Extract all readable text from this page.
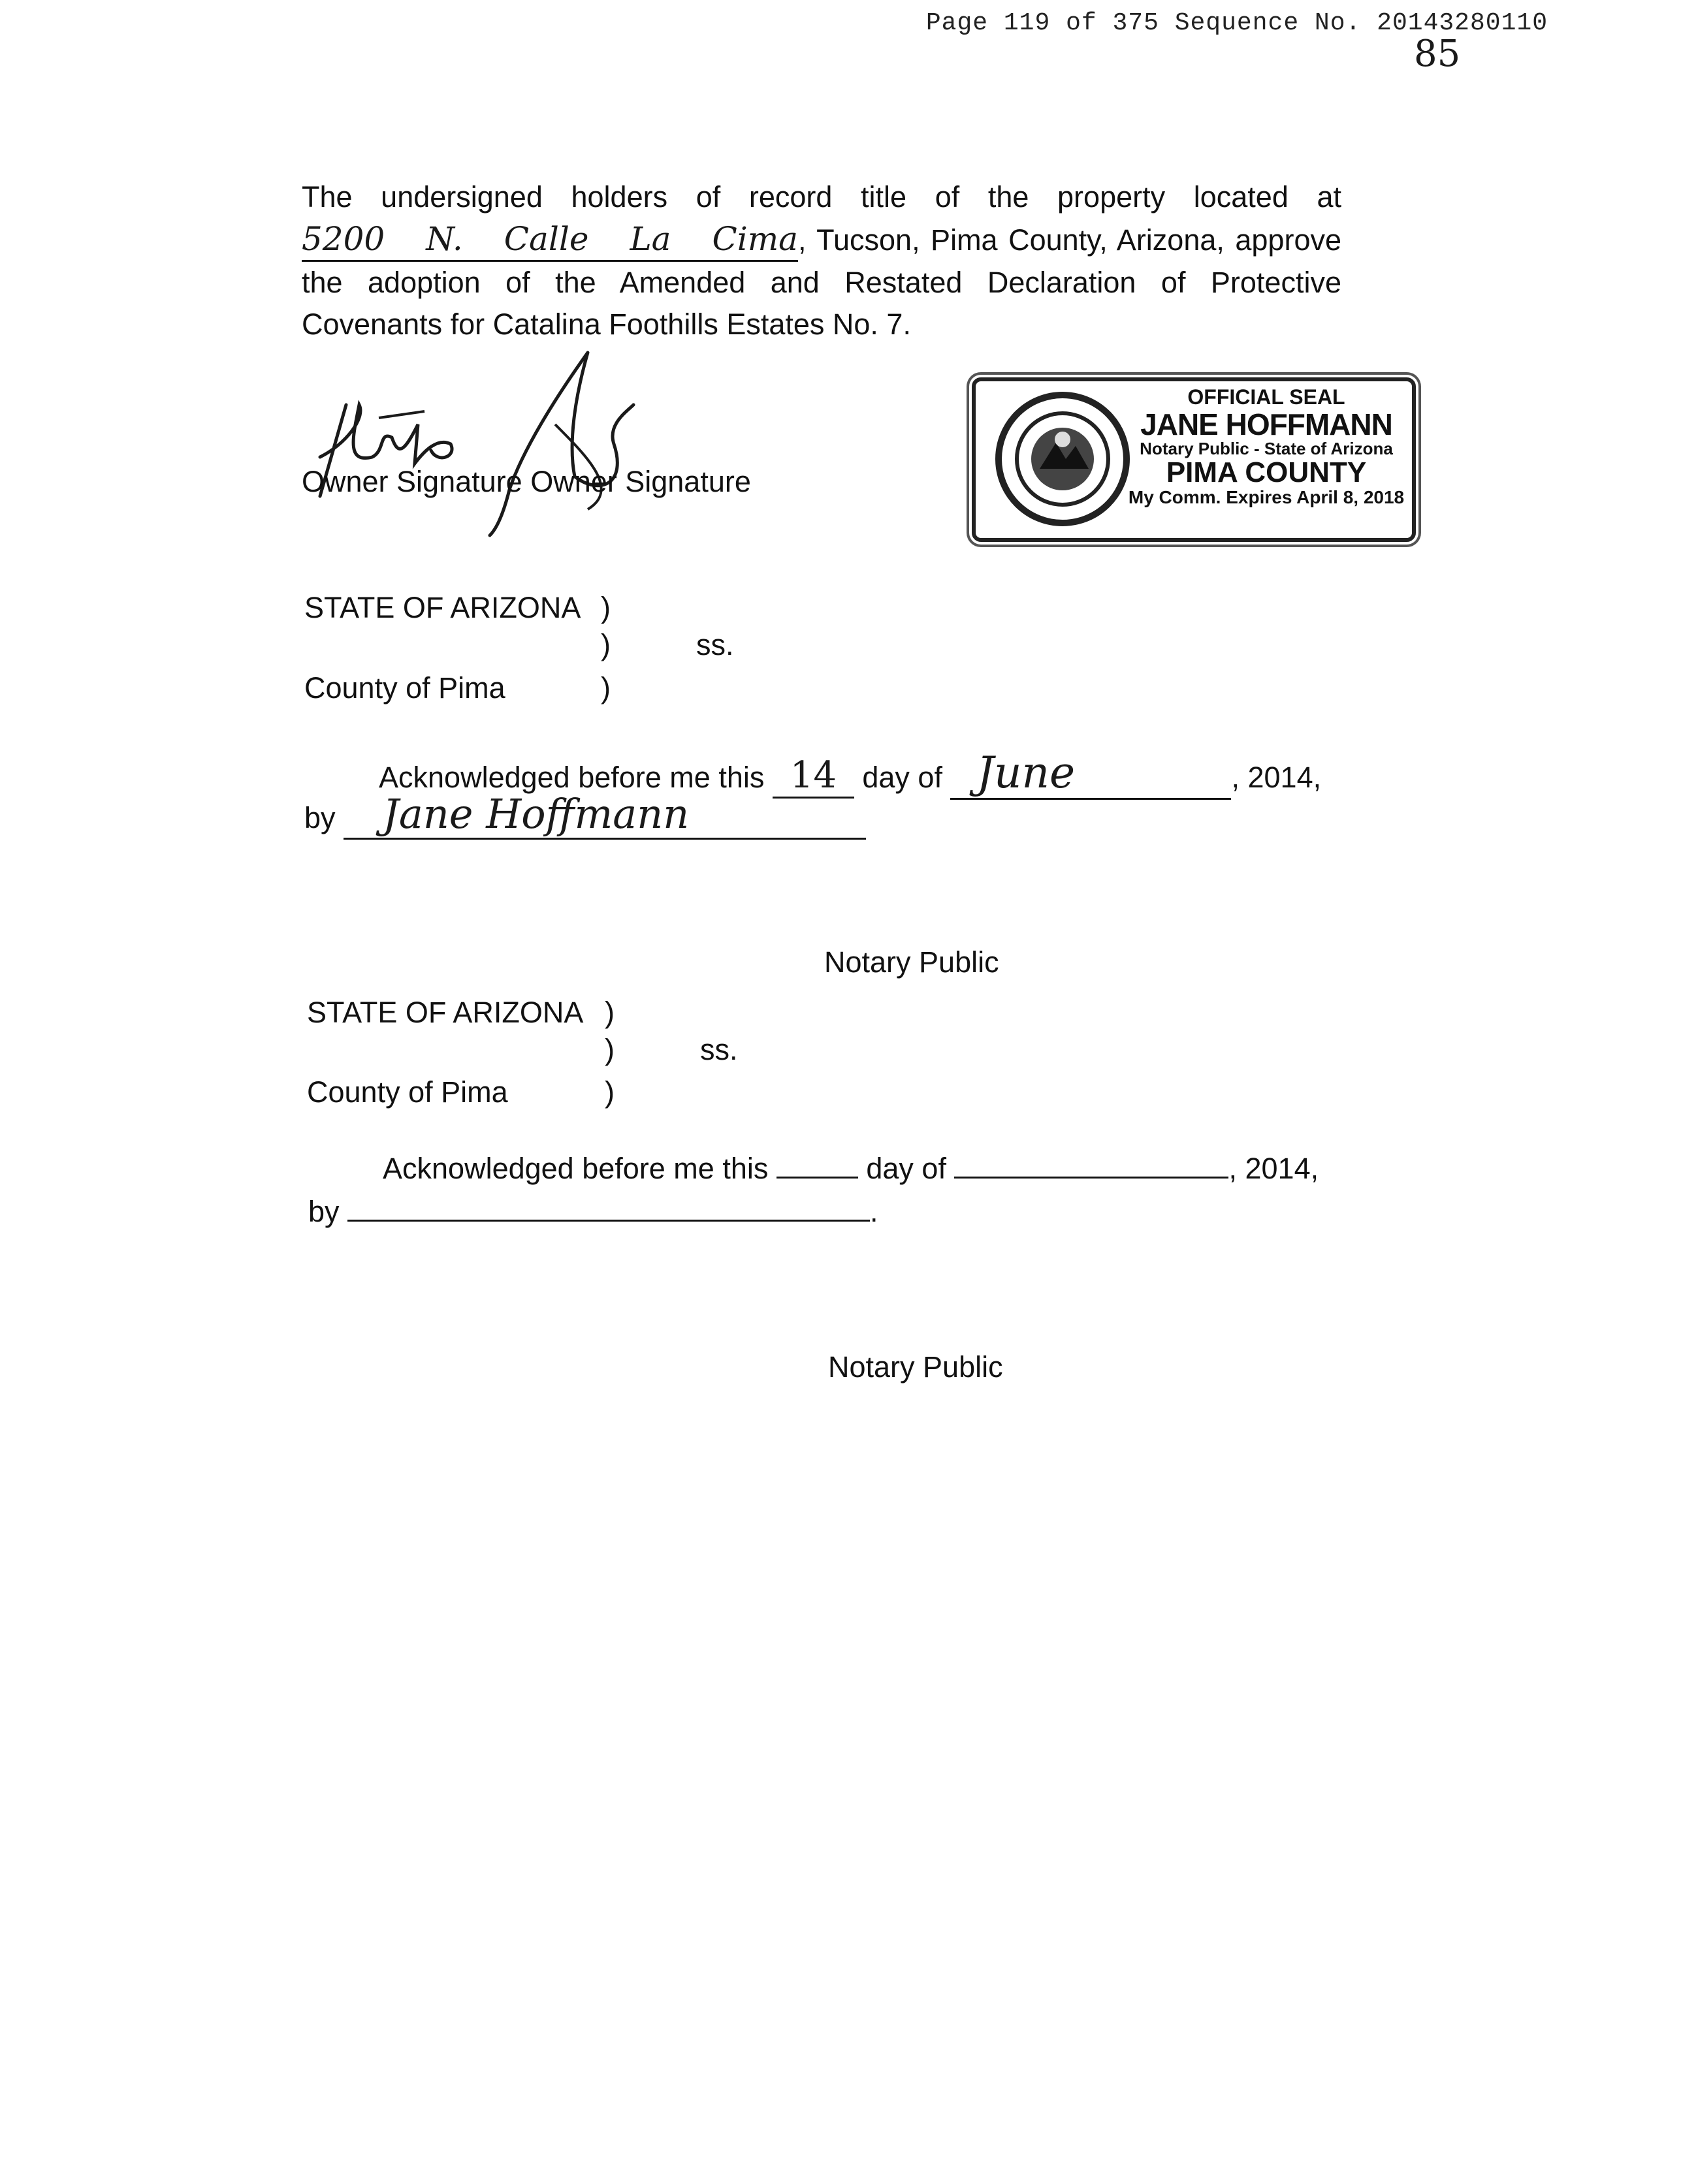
Page 119 of 375 Sequence No. 20143280110
85

The undersigned holders of record title of the property located at

5200 N. Calle La Cima, Tucson, Pima County, Arizona, approve

the adoption of the Amended and Restated Declaration of Protective

Covenants for Catalina Foothills Estates No. 7.

Owner Signature Owner Signature
OFFICIAL SEAL
JANE HOFFMANN
Notary Public - State of Arizona
PIMA COUNTY
My Comm. Expires April 8, 2018
STATE OF ARIZONA )
)	ss.
County of Pima	)
Acknowledged before me this 14 day of June	, 2014,
by Jane Hoffmann
Notary Public
STATE OF ARIZONA )
)	ss.
County of Pima	)
Acknowledged before me this	day of	, 2014,
by	.
Notary Public
